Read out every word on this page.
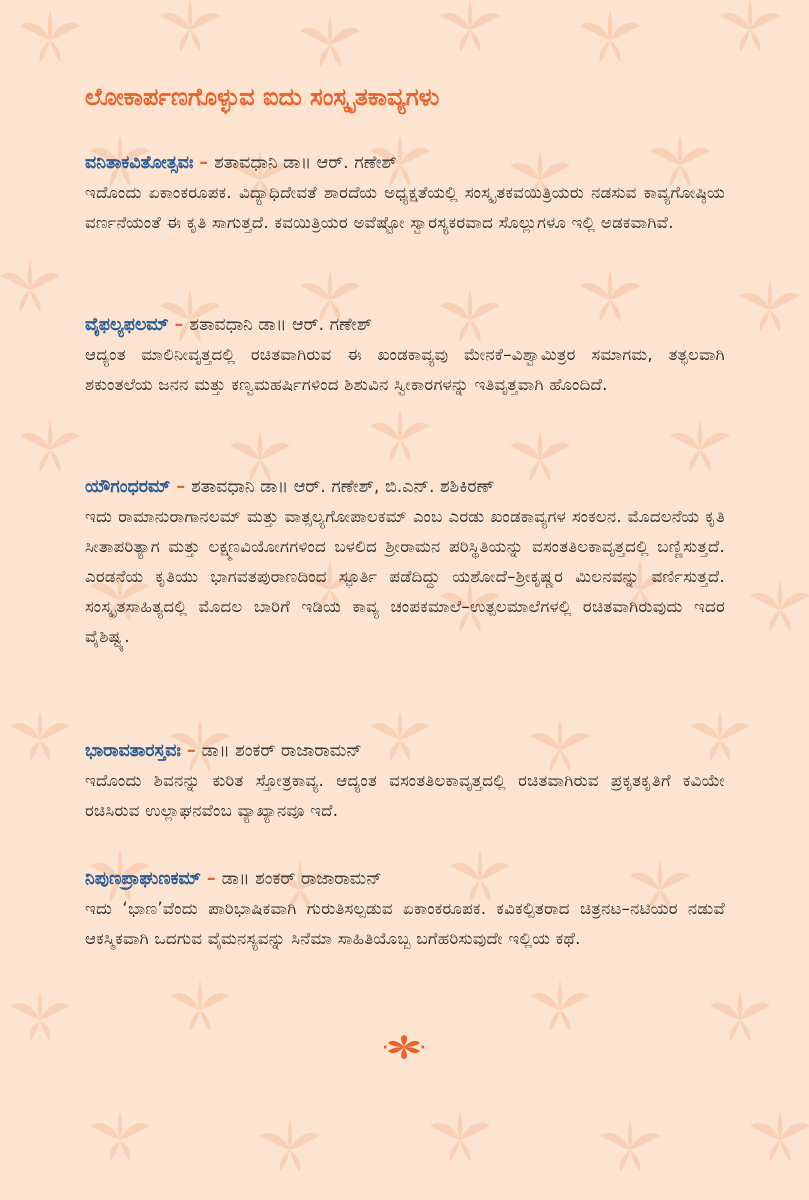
ಲೋಕಾರ್ಪಣಗೊಳ್ಳುವ ಐದು ಸಂಸ್ಕೃತಕಾವ್ಯಗಳು
ವನಿತಾಕವಿತೋತ್ಸವಃ – ಶತಾವಧಾನಿ ಡಾ॥ ಆರ್. ಗಣೇಶ್
ಇದೊಂದು ಏಕಾಂಕರೂಪಕ. ವಿದ್ಯಾಧಿದೇವತೆ ಶಾರದೆಯ ಅಧ್ಯಕ್ಷತೆಯಲ್ಲಿ ಸಂಸ್ಕೃತಕವಯಿತ್ರಿಯರು ನಡಸುವ ಕಾವ್ಯಗೋಷ್ಠಿಯ ವರ್ಣನೆಯಂತೆ ಈ ಕೃತಿ ಸಾಗುತ್ತದೆ. ಕವಯಿತ್ರಿಯರ ಅವೆಷ್ಟೋ ಸ್ವಾರಸ್ಯಕರವಾದ ಸೊಲ್ಲುಗಳೂ ಇಲ್ಲಿ ಅಡಕವಾಗಿವೆ.
ವೈಫಲ್ಯಫಲಮ್ – ಶತಾವಧಾನಿ ಡಾ॥ ಆರ್. ಗಣೇಶ್
ಆದ್ಯಂತ ಮಾಲಿನೀವೃತ್ತದಲ್ಲಿ ರಚಿತವಾಗಿರುವ ಈ ಖಂಡಕಾವ್ಯವು ಮೇನಕೆ–ವಿಶ್ವಾಮಿತ್ರರ ಸಮಾಗಮ, ತತ್ಫಲವಾಗಿ ಶಕುಂತಲೆಯ ಜನನ ಮತ್ತು ಕಣ್ವಮಹರ್ಷಿಗಳಿಂದ ಶಿಶುವಿನ ಸ್ವೀಕಾರಗಳನ್ನು ಇತಿವೃತ್ತವಾಗಿ ಹೊಂದಿದೆ.
ಯೌಗಂಧರಮ್ – ಶತಾವಧಾನಿ ಡಾ॥ ಆರ್. ಗಣೇಶ್, ಬಿ.ಎನ್. ಶಶಿಕಿರಣ್
ಇದು ರಾಮಾನುರಾಗಾನಲಮ್ ಮತ್ತು ವಾತ್ಸಲ್ಯಗೋಪಾಲಕಮ್ ಎಂಬ ಎರಡು ಖಂಡಕಾವ್ಯಗಳ ಸಂಕಲನ. ಮೊದಲನೆಯ ಕೃತಿ ಸೀತಾಪರಿತ್ಯಾಗ ಮತ್ತು ಲಕ್ಷ್ಮಣವಿಯೋಗಗಳಿಂದ ಬಳಲಿದ ಶ್ರೀರಾಮನ ಪರಿಸ್ಥಿತಿಯನ್ನು ವಸಂತತಿಲಕಾವೃತ್ತದಲ್ಲಿ ಬಣ್ಣಿಸುತ್ತದೆ. ಎರಡನೆಯ ಕೃತಿಯು ಭಾಗವತಪುರಾಣದಿಂದ ಸ್ಫೂರ್ತಿ ಪಡೆದಿದ್ದು ಯಶೋದೆ–ಶ್ರೀಕೃಷ್ಣರ ಮಿಲನವನ್ನು ವರ್ಣಿಸುತ್ತದೆ. ಸಂಸ್ಕೃತಸಾಹಿತ್ಯದಲ್ಲಿ ಮೊದಲ ಬಾರಿಗೆ ಇಡಿಯ ಕಾವ್ಯ ಚಂಪಕಮಾಲೆ–ಉತ್ಪಲಮಾಲೆಗಳಲ್ಲಿ ರಚಿತವಾಗಿರುವುದು ಇದರ ವೈಶಿಷ್ಟ್ಯ.
ಭಾರಾವತಾರಸ್ತವಃ – ಡಾ॥ ಶಂಕರ್ ರಾಜಾರಾಮನ್
ಇದೊಂದು ಶಿವನನ್ನು ಕುರಿತ ಸ್ತೋತ್ರಕಾವ್ಯ. ಆದ್ಯಂತ ವಸಂತತಿಲಕಾವೃತ್ತದಲ್ಲಿ ರಚಿತವಾಗಿರುವ ಪ್ರಕೃತಕೃತಿಗೆ ಕವಿಯೇ ರಚಿಸಿರುವ ಉಲ್ಲಾಘನವೆಂಬ ವ್ಯಾಖ್ಯಾನವೂ ಇದೆ.
ನಿಪುಣಪ್ರಾಘುಣಕಮ್ – ಡಾ॥ ಶಂಕರ್ ರಾಜಾರಾಮನ್
ಇದು ‘ಭಾಣ’ವೆಂದು ಪಾರಿಭಾಷಿಕವಾಗಿ ಗುರುತಿಸಲ್ಪಡುವ ಏಕಾಂಕರೂಪಕ. ಕವಿಕಲ್ಪಿತರಾದ ಚಿತ್ರನಟ–ನಟಿಯರ ನಡುವೆ ಆಕಸ್ಮಿಕವಾಗಿ ಒದಗುವ ವೈಮನಸ್ಯವನ್ನು ಸಿನೆಮಾ ಸಾಹಿತಿಯೊಬ್ಬ ಬಗೆಹರಿಸುವುದೇ ಇಲ್ಲಿಯ ಕಥೆ.
